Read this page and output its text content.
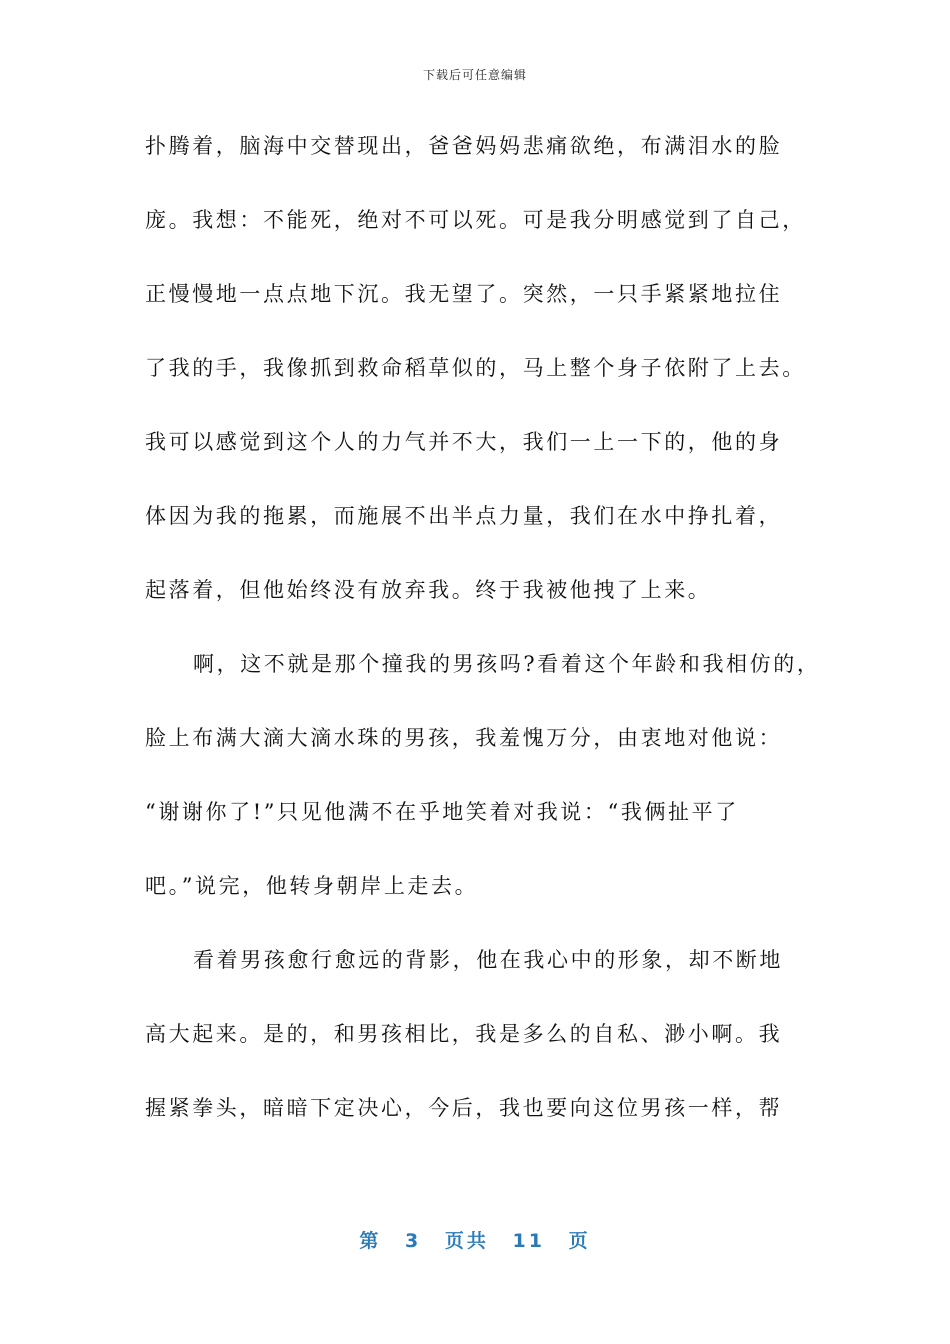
下载后可任意编辑
扑腾着，脑海中交替现出，爸爸妈妈悲痛欲绝，布满泪水的脸
庞。我想：不能死，绝对不可以死。可是我分明感觉到了自己，
正慢慢地一点点地下沉。我无望了。突然，一只手紧紧地拉住
了我的手，我像抓到救命稻草似的，马上整个身子依附了上去。
我可以感觉到这个人的力气并不大，我们一上一下的，他的身
体因为我的拖累，而施展不出半点力量，我们在水中挣扎着，
起落着，但他始终没有放弃我。终于我被他拽了上来。
啊，这不就是那个撞我的男孩吗?看着这个年龄和我相仿的，
脸上布满大滴大滴水珠的男孩，我羞愧万分，由衷地对他说：
“谢谢你了!”只见他满不在乎地笑着对我说：“我俩扯平了
吧。”说完，他转身朝岸上走去。
看着男孩愈行愈远的背影，他在我心中的形象，却不断地
高大起来。是的，和男孩相比，我是多么的自私、渺小啊。我
握紧拳头，暗暗下定决心，今后，我也要向这位男孩一样，帮
第 3 页共 11 页
